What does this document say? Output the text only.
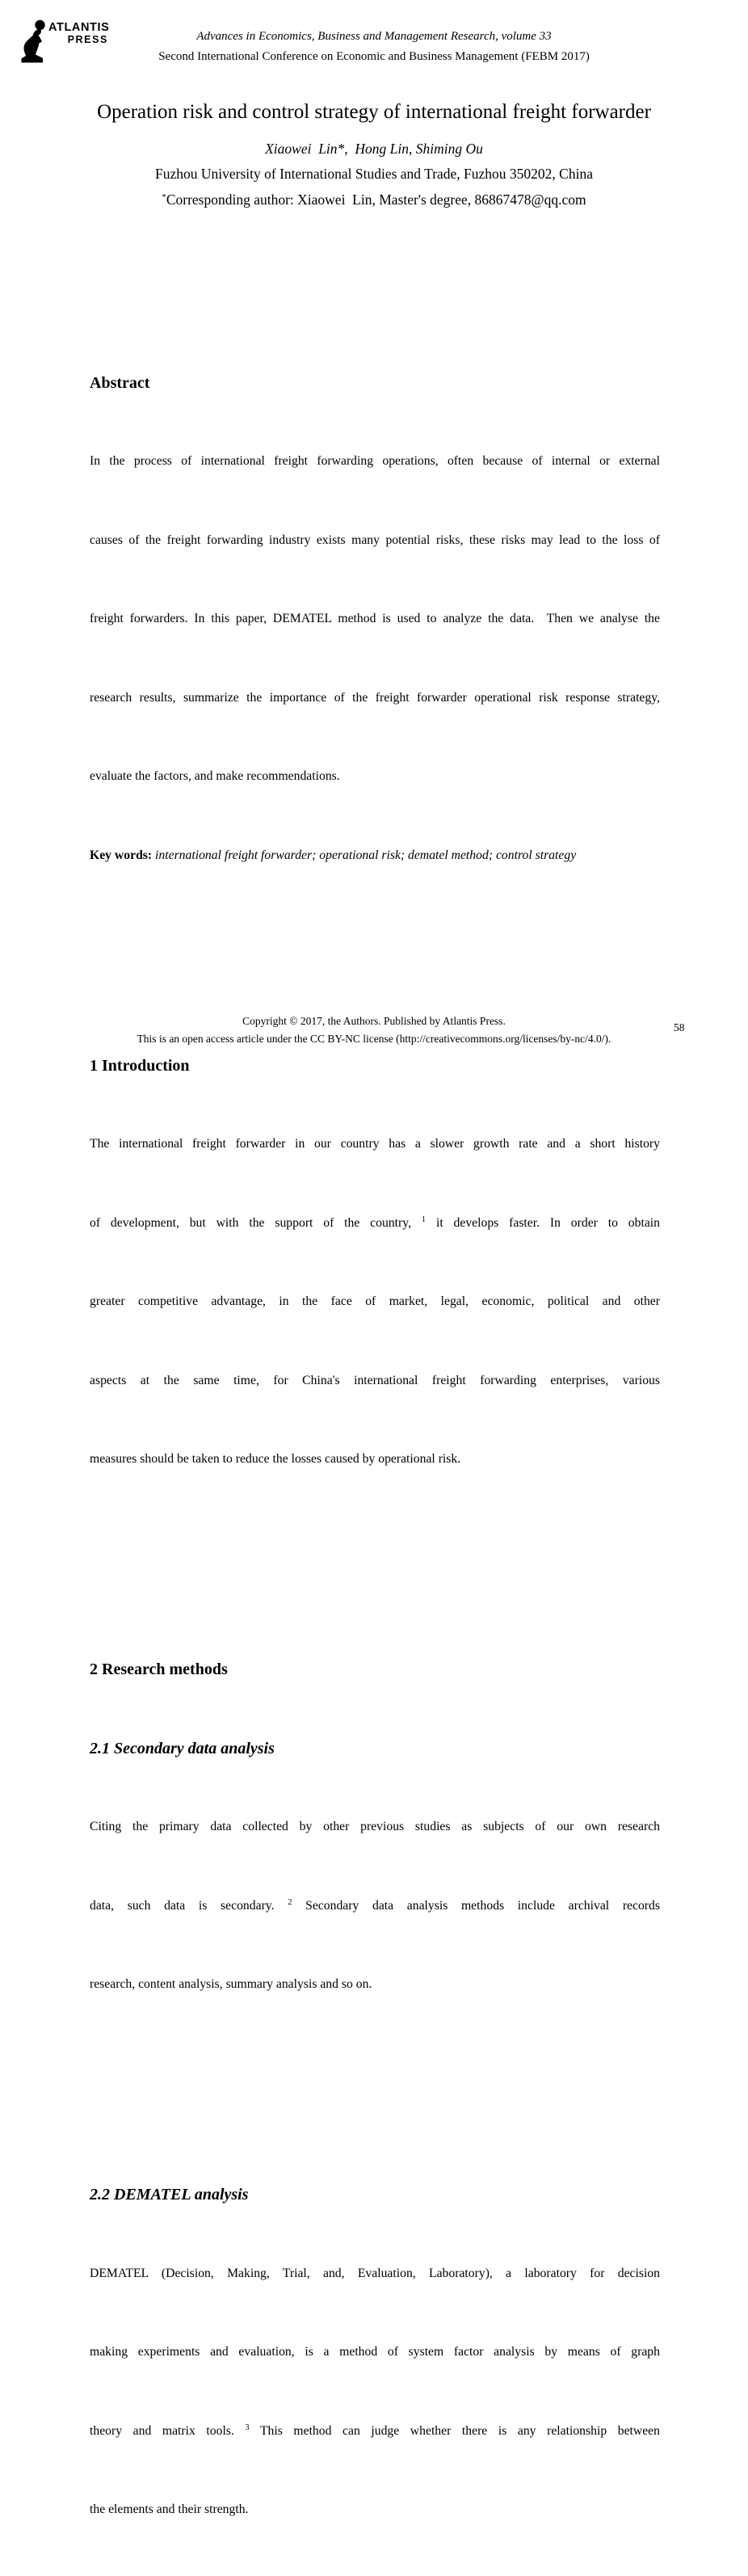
ATLANTIS
PRESS	Advances in Economics, Business and Management Research, volume 33
Second International Conference on Economic and Business Management (FEBM 2017)
Operation risk and control strategy of international freight forwarder
Xiaowei  Lin*,  Hong Lin, Shiming Ou
Fuzhou University of International Studies and Trade, Fuzhou 350202, China
*Corresponding author: Xiaowei  Lin, Master's degree, 86867478@qq.com

Abstract

In the process of international freight forwarding operations, often because of internal or external

causes of the freight forwarding industry exists many potential risks, these risks may lead to the loss of

freight forwarders. In this paper, DEMATEL method is used to analyze the data.  Then we analyse the

research results, summarize the importance of the freight forwarder operational risk response strategy,

evaluate the factors, and make recommendations.

Key words: international freight forwarder; operational risk; dematel method; control strategy

1 Introduction

The international freight forwarder in our country has a slower growth rate and a short history

of development, but with the support of the country, $^1$ it develops faster. In order to obtain

greater competitive advantage, in the face of market, legal, economic, political and other

aspects at the same time, for China's international freight forwarding enterprises, various

measures should be taken to reduce the losses caused by operational risk.

2 Research methods

2.1 Secondary data analysis

Citing the primary data collected by other previous studies as subjects of our own research

data, such data is secondary. $^2$ Secondary data analysis methods include archival records

research, content analysis, summary analysis and so on.

2.2 DEMATEL analysis

DEMATEL (Decision, Making, Trial, and, Evaluation, Laboratory), a laboratory for decision

making experiments and evaluation, is a method of system factor analysis by means of graph

theory and matrix tools. $^3$ This method can judge whether there is any relationship between

the elements and their strength.

Copyright © 2017, the Authors. Published by Atlantis Press.
This is an open access article under the CC BY-NC license (http://creativecommons.org/licenses/by-nc/4.0/).
58
